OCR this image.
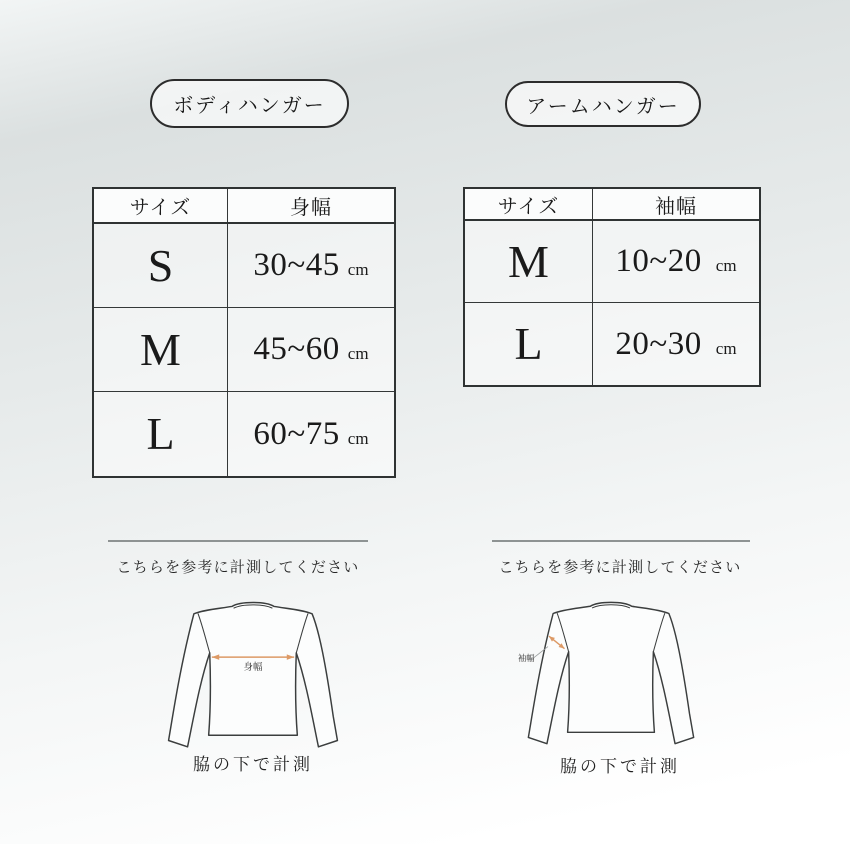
ボディハンガー	アームハンガー
サイズ	身幅
S 30~45 cm
M 45~60 cm
L 60~75 cm
サイズ	袖幅
M 10~20 cm
L 20~30 cm
こちらを参考に計測してください	こちらを参考に計測してください
身幅
袖幅
脇の下で計測	脇の下で計測
